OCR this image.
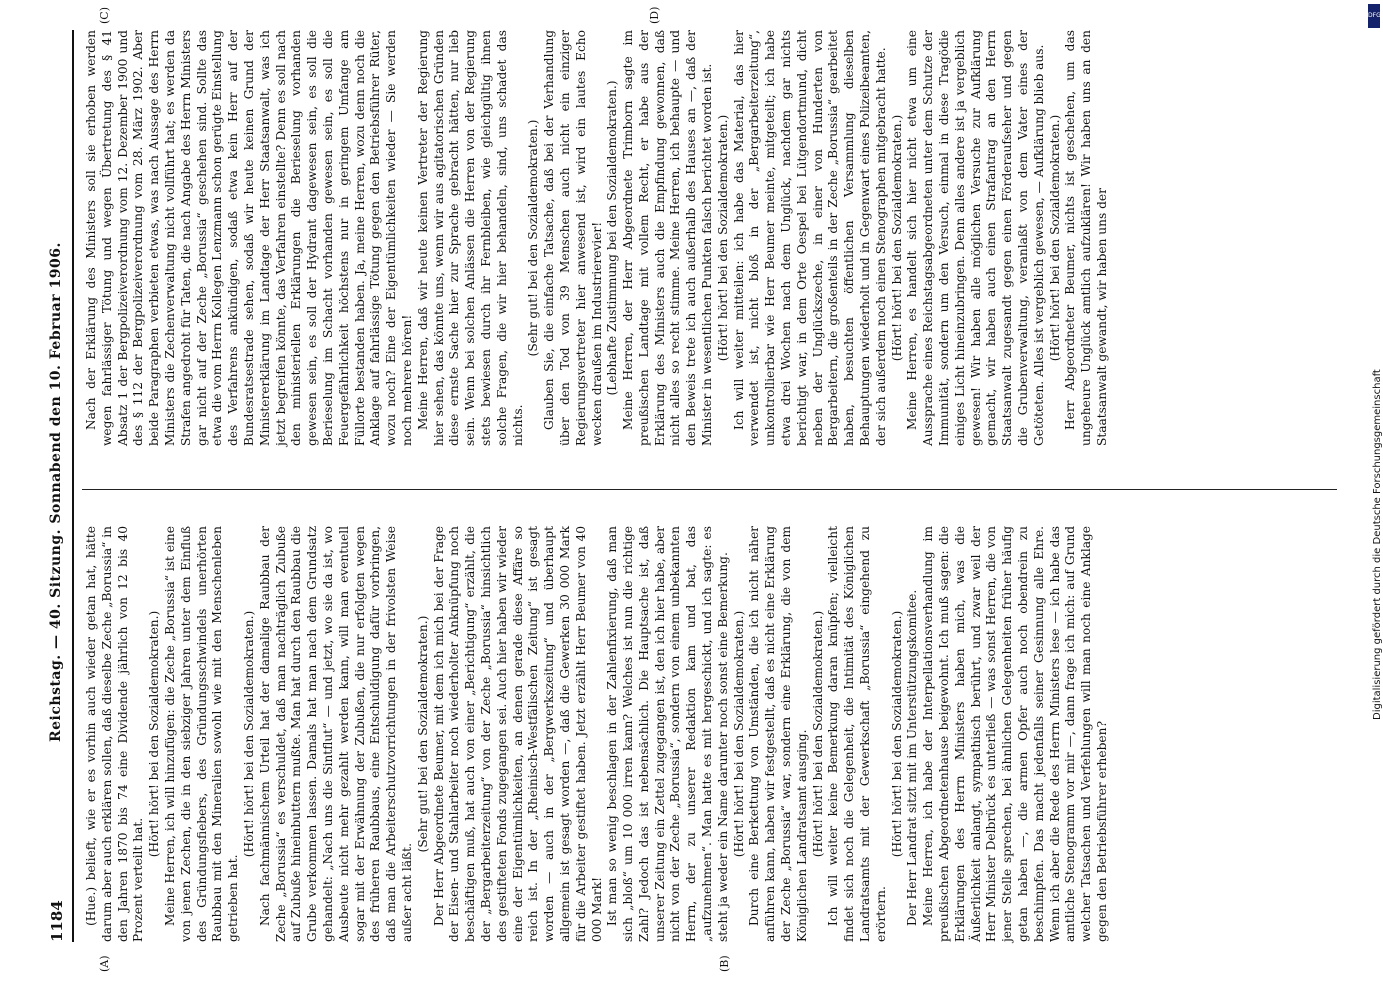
1184
Reichstag. — 40. Sitzung. Sonnabend den 10. Februar 1906.
(A)	(B)
(C)	(D)

(Hue.) belieft, wie er es vorhin auch wieder getan hat, hätte darum aber auch erklären sollen, daß dieselbe Zeche „Borussia“ in den Jahren 1870 bis 74 eine Dividende jährlich von 12 bis 40 Prozent verteilt hat.

(Hört! hört! bei den Sozialdemokraten.) Meine Herren, ich will hinzufügen: die Zeche „Borussia“ ist eine von jenen Zechen, die in den siebziger Jahren unter dem Einfluß des Gründungsfiebers, des Gründungsschwindels unerhörten Raubbau mit den Mineralien sowohl wie mit den Menschenleben getrieben hat.

(Hört! hört! bei den Sozialdemokraten.) Nach fachmännischem Urteil hat der damalige Raubbau der Zeche „Borussia“ es verschuldet, daß man nachträglich Zubuße auf Zubuße hineinbuttern mußte. Man hat durch den Raubbau die Grube verkommen lassen. Damals hat man nach dem Grundsatz gehandelt: „Nach uns die Sintflut“ — und jetzt, wo sie da ist, wo Ausbeute nicht mehr gezahlt werden kann, will man eventuell sogar mit der Erwähnung der Zubußen, die nur erfolgten wegen des früheren Raubbaus, eine Entschuldigung dafür vorbringen, daß man die Arbeiterschutzvorrichtungen in der frivolsten Weise außer acht läßt.

(Sehr gut! bei den Sozialdemokraten.) Der Herr Abgeordnete Beumer, mit dem ich mich bei der Frage der Eisen- und Stahlarbeiter noch wiederholter Anknüpfung noch beschäftigen muß, hat auch von einer „Berichtigung“ erzählt, die der „Bergarbeiterzeitung“ von der Zeche „Borussia“ hinsichtlich des gestifteten Fonds zugegangen sei. Auch hier haben wir wieder eine der Eigentümlichkeiten, an denen gerade diese Affäre so reich ist. In der „Rheinisch-Westfälischen Zeitung“ ist gesagt worden — auch in der „Bergwerkszeitung“ und überhaupt allgemein ist gesagt worden —, daß die Gewerken 30 000 Mark für die Arbeiter gestiftet haben. Jetzt erzählt Herr Beumer von 40 000 Mark! Ist man so wenig beschlagen in der Zahlenfixierung, daß man sich „bloß“ um 10 000 irren kann? Welches ist nun die richtige Zahl? Jedoch das ist nebensächlich. Die Hauptsache ist, daß unserer Zeitung ein Zettel zugegangen ist, den ich hier habe, aber nicht von der Zeche „Borussia“, sondern von einem unbekannten Herrn, der zu unserer Redaktion kam und bat, das „aufzunehmen“. Man hatte es mit hergeschickt, und ich sagte: es steht ja weder ein Name darunter noch sonst eine Bemerkung. (Hört! hört! bei den Sozialdemokraten.) Durch eine Berkettung von Umständen, die ich nicht näher anführen kann, haben wir festgestellt, daß es nicht eine Erklärung der Zeche „Borussia“ war, sondern eine Erklärung, die von dem Königlichen Landratsamt ausging. (Hört! hört! bei den Sozialdemokraten.) Ich will weiter keine Bemerkung daran knüpfen; vielleicht findet sich noch die Gelegenheit, die Intimität des Königlichen Landratsamts mit der Gewerkschaft „Borussia“ eingehend zu erörtern.

(Hört! hört! bei den Sozialdemokraten.) Der Herr Landrat sitzt mit im Unterstützungskomitee. Meine Herren, ich habe der Interpellationsverhandlung im preußischen Abgeordnetenhause beigewohnt. Ich muß sagen: die Erklärungen des Herrn Ministers haben mich, was die Äußerlichkeit anlangt, sympathisch berührt, und zwar weil der Herr Minister Delbrück es unterließ — was sonst Herren, die von jener Stelle sprechen, bei ähnlichen Gelegenheiten früher häufig getan haben —, die armen Opfer auch noch obendrein zu beschimpfen. Das macht jedenfalls seiner Gesinnung alle Ehre. Wenn ich aber die Rede des Herrn Ministers lese — ich habe das amtliche Stenogramm vor mir —, dann frage ich mich: auf Grund welcher Tatsachen und Verfehlungen will man noch eine Anklage gegen den Betriebsführer erheben?

Nach der Erklärung des Ministers soll sie erhoben werden wegen fahrlässiger Tötung und wegen Übertretung des § 41 Absatz 1 der Bergpolizeiverordnung vom 12. Dezember 1900 und des § 112 der Bergpolizeiverordnung vom 28. März 1902. Aber beide Paragraphen verbieten etwas, was nach Aussage des Herrn Ministers die Zechenverwaltung nicht vollführt hat; es werden da Strafen angedroht für Taten, die nach Angabe des Herrn Ministers gar nicht auf der Zeche „Borussia“ geschehen sind. Sollte das etwa die vom Herrn Kollegen Lenzmann schon gerügte Einstellung des Verfahrens ankündigen, sodaß etwa kein Herr auf der Bundesratsestrade sehen, sodaß wir heute keinen Grund der Ministererklärung im Landtage der Herr Staatsanwalt, was ich jetzt begreifen könnte, das Verfahren einstellte? Denn es soll nach den ministeriellen Erklärungen die Berieselung vorhanden gewesen sein, es soll der Hydrant dagewesen sein, es soll die Berieselung im Schacht vorhanden gewesen sein, es soll die Feuergefährlichkeit höchstens nur in geringem Umfange am Füllorte bestanden haben. Ja, meine Herren, wozu denn noch die Anklage auf fahrlässige Tötung gegen den Betriebsführer Rüter, wozu noch? Eine der Eigentümlichkeiten wieder — Sie werden noch mehrere hören! Meine Herren, daß wir heute keinen Vertreter der Regierung hier sehen, das könnte uns, wenn wir aus agitatorischen Gründen diese ernste Sache hier zur Sprache gebracht hätten, nur lieb sein. Wenn bei solchen Anlässen die Herren von der Regierung stets bewiesen durch ihr Fernbleiben, wie gleichgültig ihnen solche Fragen, die wir hier behandeln, sind, uns schadet das nichts.

(Sehr gut! bei den Sozialdemokraten.) Glauben Sie, die einfache Tatsache, daß bei der Verhandlung über den Tod von 39 Menschen auch nicht ein einziger Regierungsvertreter hier anwesend ist, wird ein lautes Echo wecken draußen im Industrierevier! (Lebhafte Zustimmung bei den Sozialdemokraten.) Meine Herren, der Herr Abgeordnete Trimborn sagte im preußischen Landtage mit vollem Recht, er habe aus der Erklärung des Ministers auch die Empfindung gewonnen, daß nicht alles so recht stimme. Meine Herren, ich behaupte — und den Beweis trete ich auch außerhalb des Hauses an —, daß der Minister in wesentlichen Punkten falsch berichtet worden ist. (Hört! hört! bei den Sozialdemokraten.) Ich will weiter mitteilen: ich habe das Material, das hier verwendet ist, nicht bloß in der „Bergarbeiterzeitung“, unkontrollierbar wie Herr Beumer meinte, mitgeteilt; ich habe etwa drei Wochen nach dem Unglück, nachdem gar nichts berichtigt war, in dem Orte Oespel bei Lütgendortmund, dicht neben der Unglückszeche, in einer von Hunderten von Bergarbeitern, die großenteils in der Zeche „Borussia“ gearbeitet haben, besuchten öffentlichen Versammlung dieselben Behauptungen wiederholt und in Gegenwart eines Polizeibeamten, der sich außerdem noch einen Stenographen mitgebracht hatte. (Hört! hört! bei den Sozialdemokraten.) Meine Herren, es handelt sich hier nicht etwa um eine Aussprache eines Reichstagsabgeordneten unter dem Schutze der Immunität, sondern um den Versuch, einmal in diese Tragödie einiges Licht hineinzubringen. Denn alles andere ist ja vergeblich gewesen! Wir haben alle möglichen Versuche zur Aufklärung gemacht, wir haben auch einen Strafantrag an den Herrn Staatsanwalt zugesandt gegen einen Förderaufseher und gegen die Grubenverwaltung, veranlaßt von dem Vater eines der Getöteten. Alles ist vergeblich gewesen, — Aufklärung blieb aus. (Hört! hört! bei den Sozialdemokraten.) Herr Abgeordneter Beumer, nichts ist geschehen, um das ungeheure Unglück amtlich aufzuklären! Wir haben uns an den Staatsanwalt gewandt, wir haben uns der

DFG
Digitalisierung gefördert durch die Deutsche Forschungsgemeinschaft
